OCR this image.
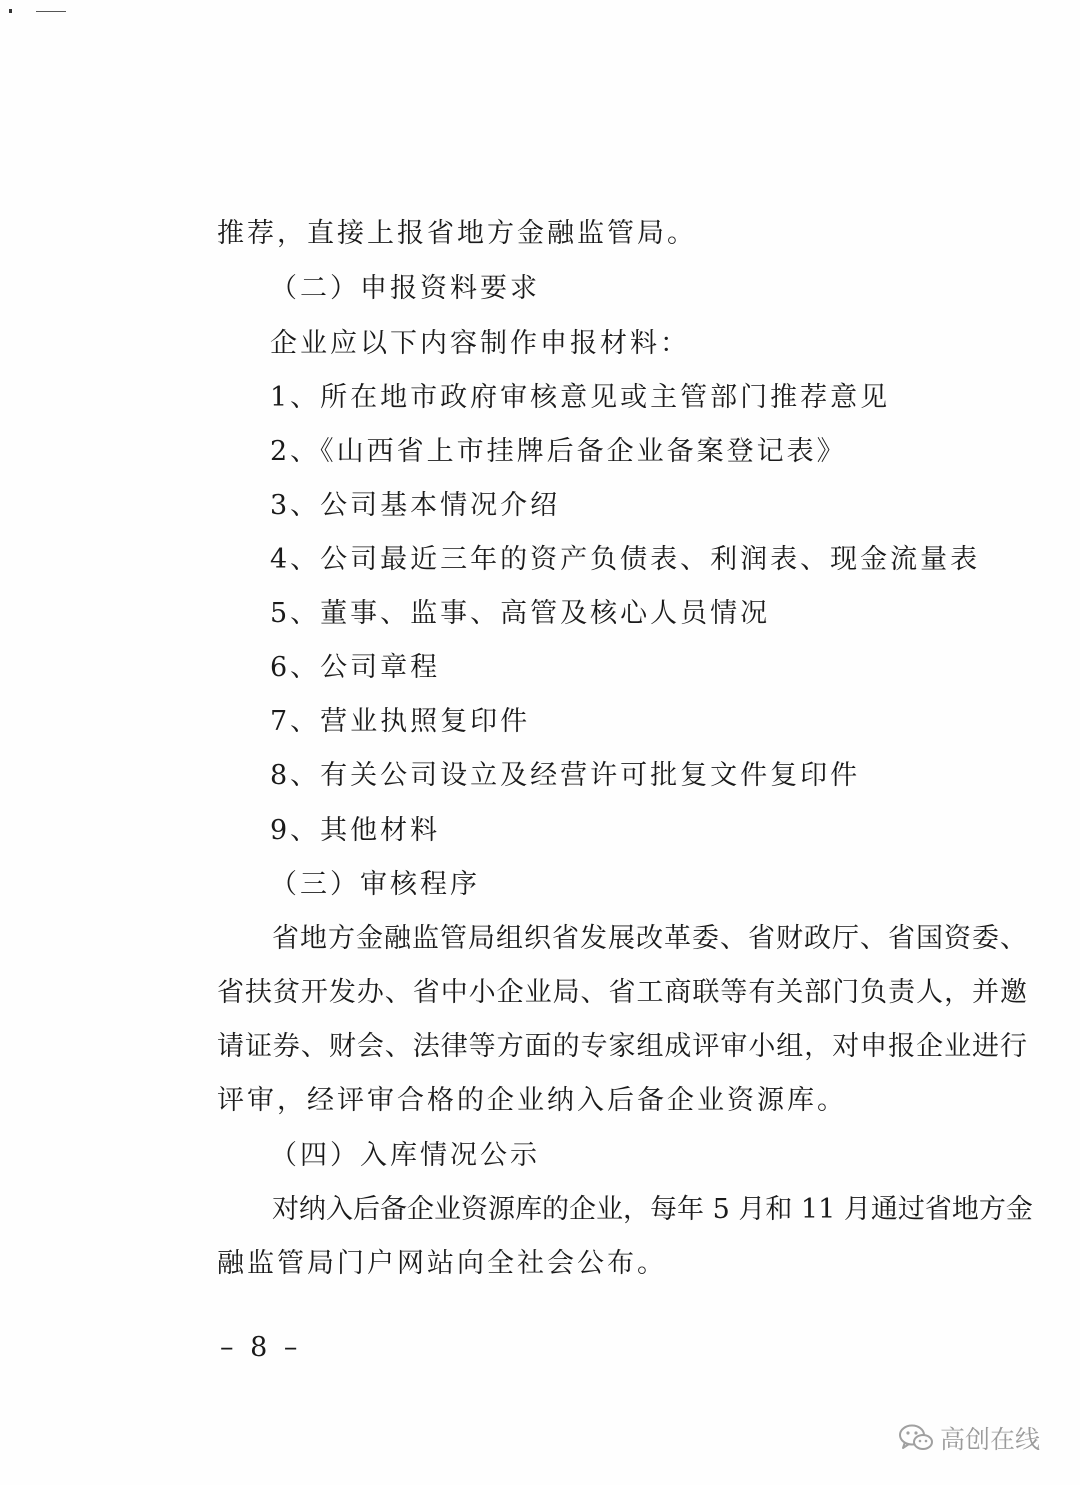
推荐，直接上报省地方金融监管局。
（二）申报资料要求
企业应以下内容制作申报材料：
1、所在地市政府审核意见或主管部门推荐意见
2、《山西省上市挂牌后备企业备案登记表》
3、公司基本情况介绍
4、公司最近三年的资产负债表、利润表、现金流量表
5、董事、监事、高管及核心人员情况
6、公司章程
7、营业执照复印件
8、有关公司设立及经营许可批复文件复印件
9、其他材料
（三）审核程序
省地方金融监管局组织省发展改革委、省财政厅、省国资委、
省扶贫开发办、省中小企业局、省工商联等有关部门负责人，并邀
请证券、财会、法律等方面的专家组成评审小组，对申报企业进行
评审，经评审合格的企业纳入后备企业资源库。
（四）入库情况公示
对纳入后备企业资源库的企业，每年 5 月和 11 月通过省地方金
融监管局门户网站向全社会公布。
– 8 –
高创在线
